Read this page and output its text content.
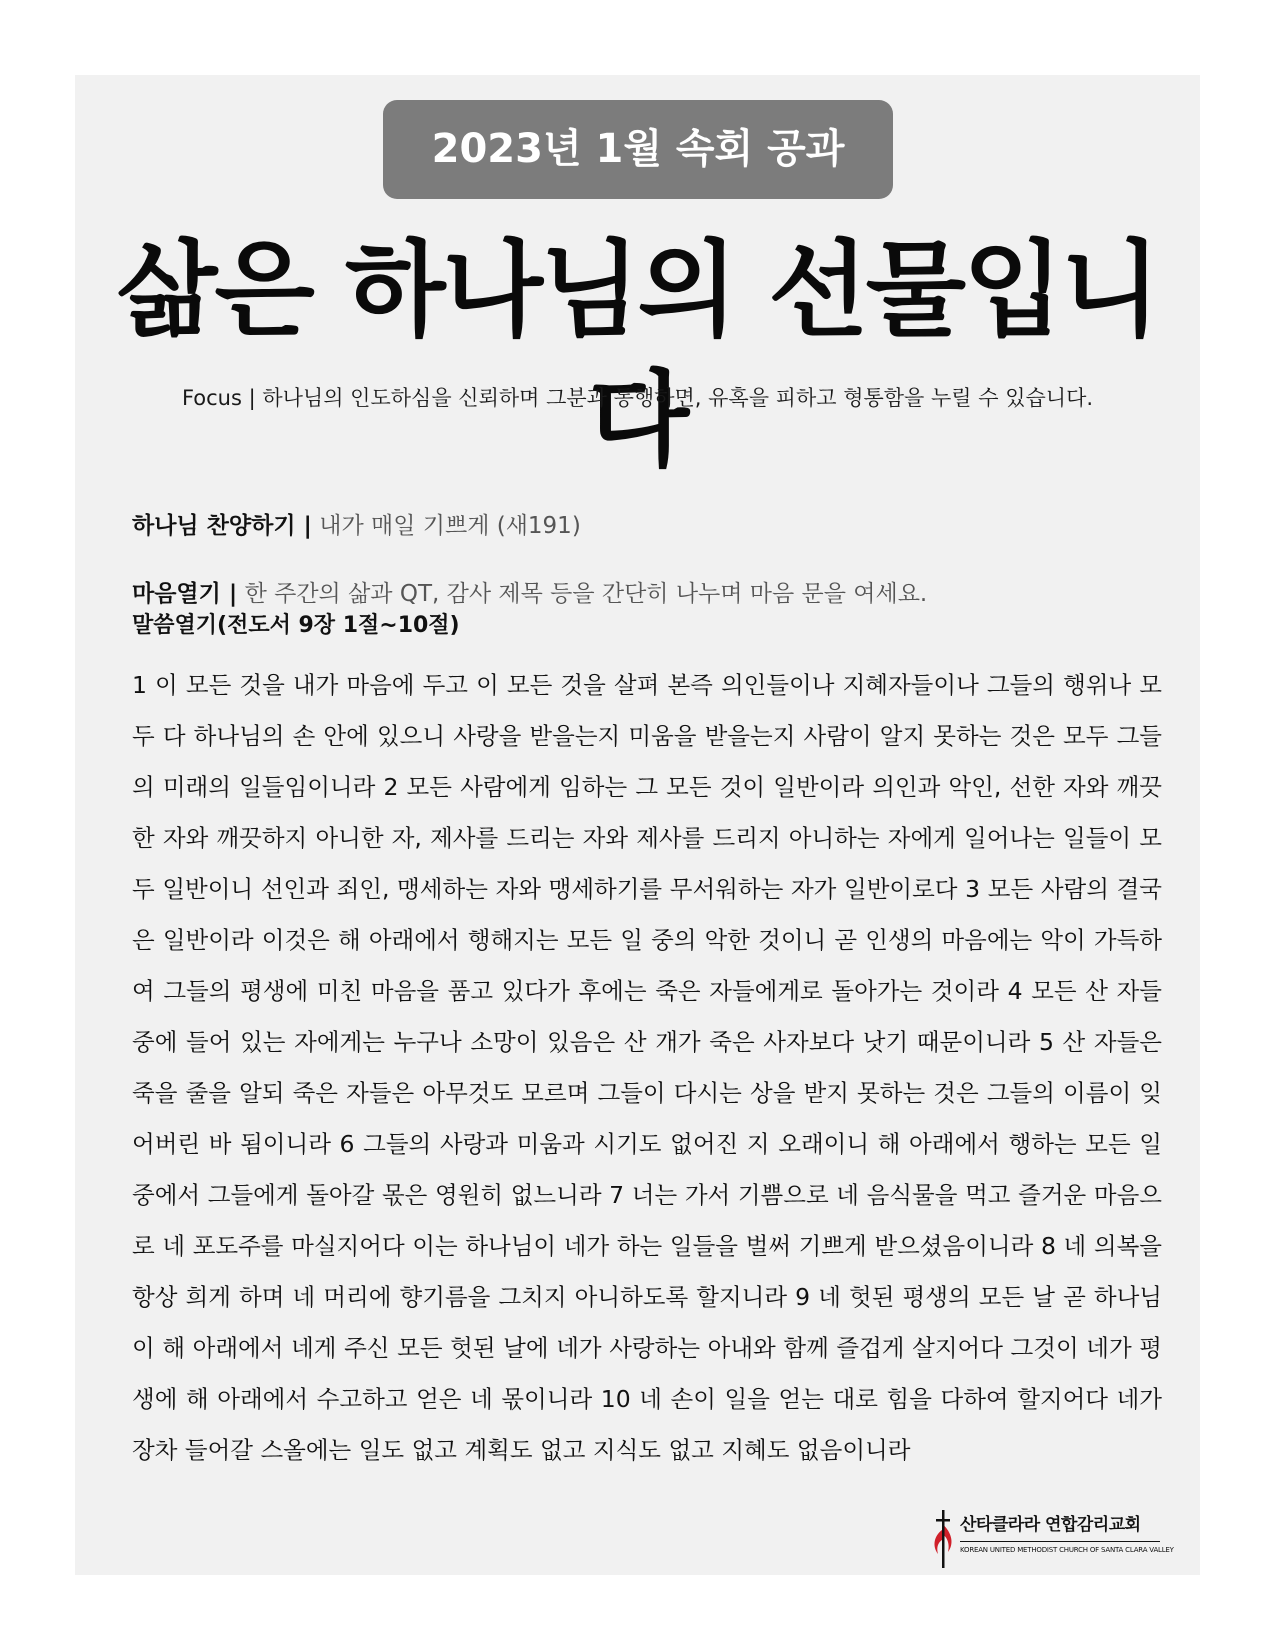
2023년 1월 속회 공과
삶은 하나님의 선물입니다
Focus | 하나님의 인도하심을 신뢰하며 그분과 동행하면, 유혹을 피하고 형통함을 누릴 수 있습니다.
하나님 찬양하기 | 내가 매일 기쁘게 (새191)
마음열기 | 한 주간의 삶과 QT, 감사 제목 등을 간단히 나누며 마음 문을 여세요.
말씀열기(전도서 9장 1절~10절)
1 이 모든 것을 내가 마음에 두고 이 모든 것을 살펴 본즉 의인들이나 지혜자들이나 그들의 행위나 모두 다 하나님의 손 안에 있으니 사랑을 받을는지 미움을 받을는지 사람이 알지 못하는 것은 모두 그들의 미래의 일들임이니라 2 모든 사람에게 임하는 그 모든 것이 일반이라 의인과 악인, 선한 자와 깨끗한 자와 깨끗하지 아니한 자, 제사를 드리는 자와 제사를 드리지 아니하는 자에게 일어나는 일들이 모두 일반이니 선인과 죄인, 맹세하는 자와 맹세하기를 무서워하는 자가 일반이로다 3 모든 사람의 결국은 일반이라 이것은 해 아래에서 행해지는 모든 일 중의 악한 것이니 곧 인생의 마음에는 악이 가득하여 그들의 평생에 미친 마음을 품고 있다가 후에는 죽은 자들에게로 돌아가는 것이라 4 모든 산 자들 중에 들어 있는 자에게는 누구나 소망이 있음은 산 개가 죽은 사자보다 낫기 때문이니라 5 산 자들은 죽을 줄을 알되 죽은 자들은 아무것도 모르며 그들이 다시는 상을 받지 못하는 것은 그들의 이름이 잊어버린 바 됨이니라 6 그들의 사랑과 미움과 시기도 없어진 지 오래이니 해 아래에서 행하는 모든 일 중에서 그들에게 돌아갈 몫은 영원히 없느니라 7 너는 가서 기쁨으로 네 음식물을 먹고 즐거운 마음으로 네 포도주를 마실지어다 이는 하나님이 네가 하는 일들을 벌써 기쁘게 받으셨음이니라 8 네 의복을 항상 희게 하며 네 머리에 향기름을 그치지 아니하도록 할지니라 9 네 헛된 평생의 모든 날 곧 하나님이 해 아래에서 네게 주신 모든 헛된 날에 네가 사랑하는 아내와 함께 즐겁게 살지어다 그것이 네가 평생에 해 아래에서 수고하고 얻은 네 몫이니라 10 네 손이 일을 얻는 대로 힘을 다하여 할지어다 네가 장차 들어갈 스올에는 일도 없고 계획도 없고 지식도 없고 지혜도 없음이니라
산타클라라 연합감리교회
KOREAN UNITED METHODIST CHURCH OF SANTA CLARA VALLEY
